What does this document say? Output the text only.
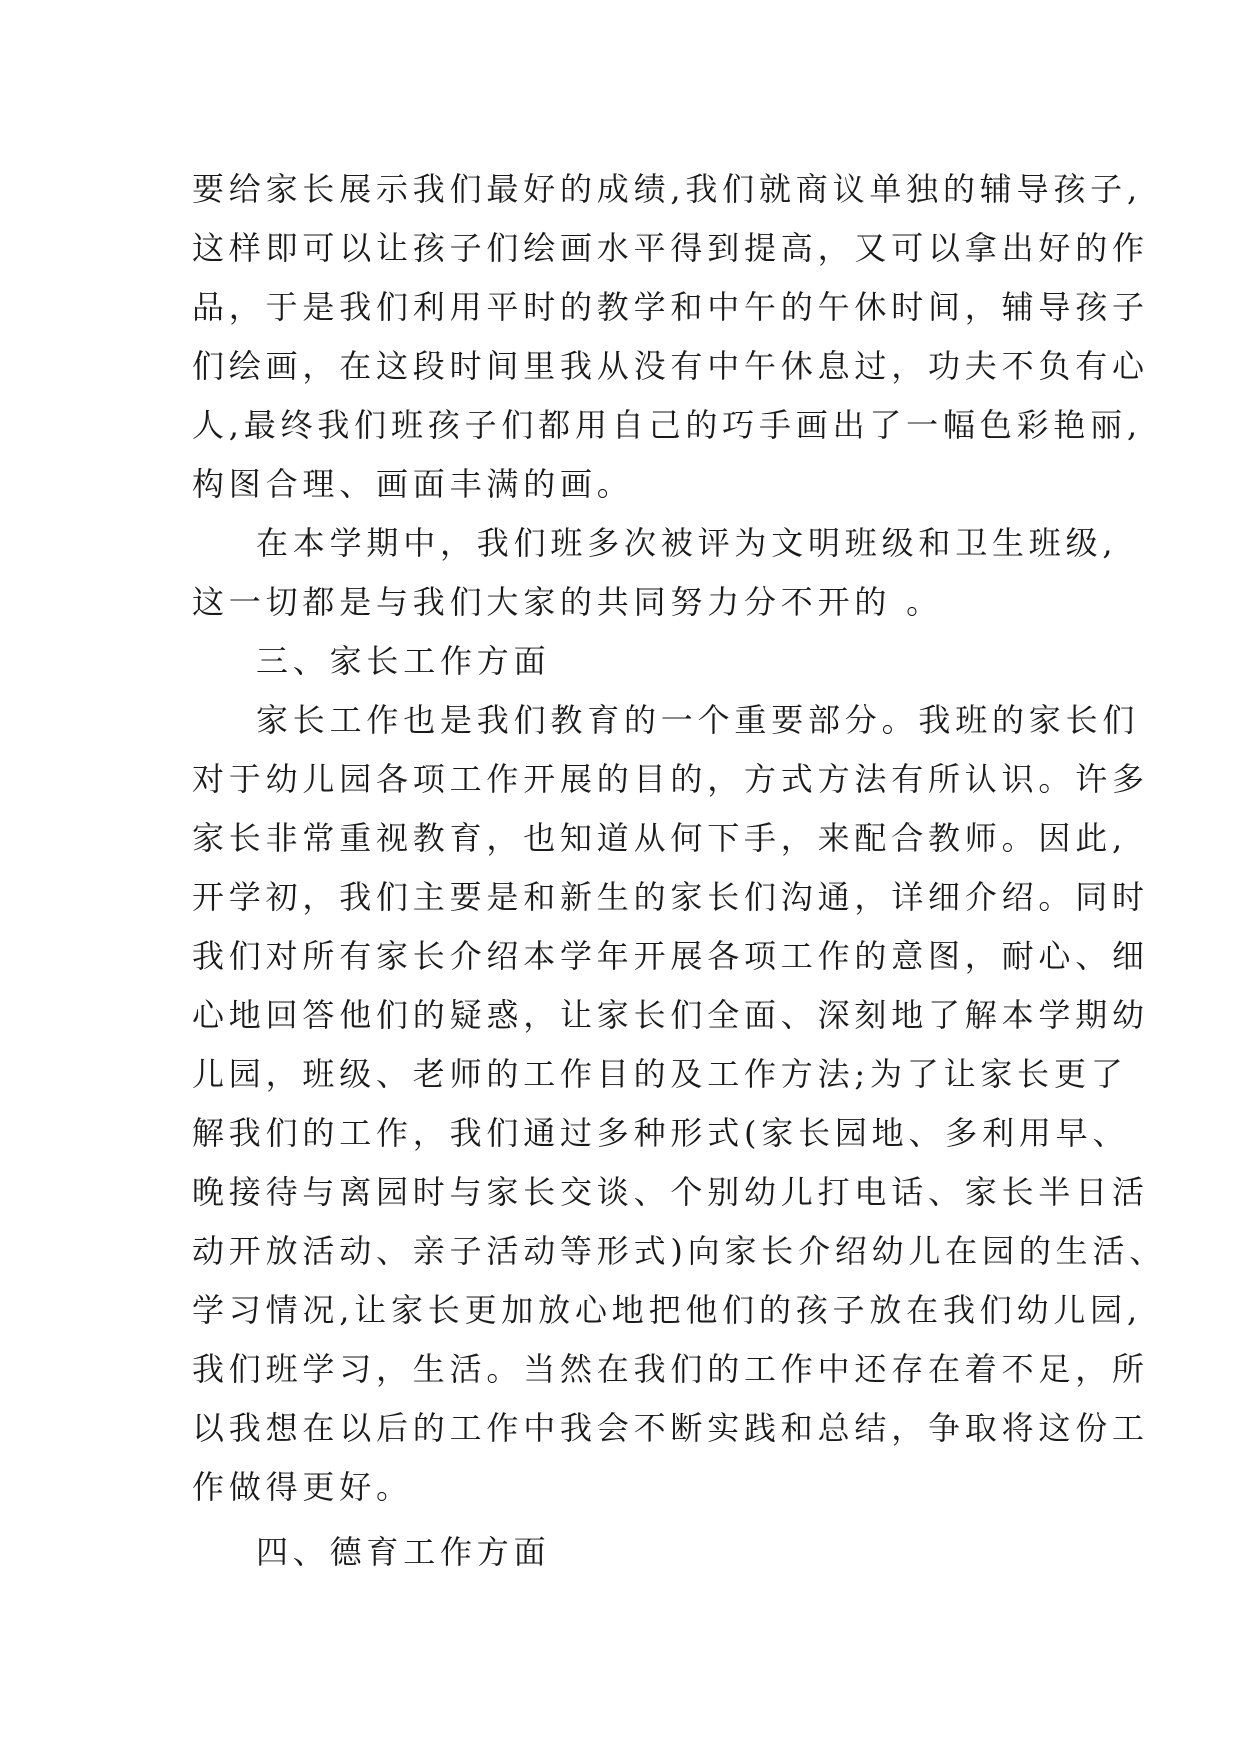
要给家长展示我们最好的成绩,我们就商议单独的辅导孩子,
这样即可以让孩子们绘画水平得到提高，又可以拿出好的作
品，于是我们利用平时的教学和中午的午休时间，辅导孩子
们绘画，在这段时间里我从没有中午休息过，功夫不负有心
人,最终我们班孩子们都用自己的巧手画出了一幅色彩艳丽,
构图合理、画面丰满的画。
在本学期中，我们班多次被评为文明班级和卫生班级,
这一切都是与我们大家的共同努力分不开的 。
三、家长工作方面
家长工作也是我们教育的一个重要部分。我班的家长们
对于幼儿园各项工作开展的目的，方式方法有所认识。许多
家长非常重视教育，也知道从何下手，来配合教师。因此,
开学初，我们主要是和新生的家长们沟通，详细介绍。同时
我们对所有家长介绍本学年开展各项工作的意图，耐心、细
心地回答他们的疑惑，让家长们全面、深刻地了解本学期幼
儿园，班级、老师的工作目的及工作方法;为了让家长更了
解我们的工作，我们通过多种形式(家长园地、多利用早、
晚接待与离园时与家长交谈、个别幼儿打电话、家长半日活
动开放活动、亲子活动等形式)向家长介绍幼儿在园的生活、
学习情况,让家长更加放心地把他们的孩子放在我们幼儿园,
我们班学习，生活。当然在我们的工作中还存在着不足，所
以我想在以后的工作中我会不断实践和总结，争取将这份工
作做得更好。
四、德育工作方面
